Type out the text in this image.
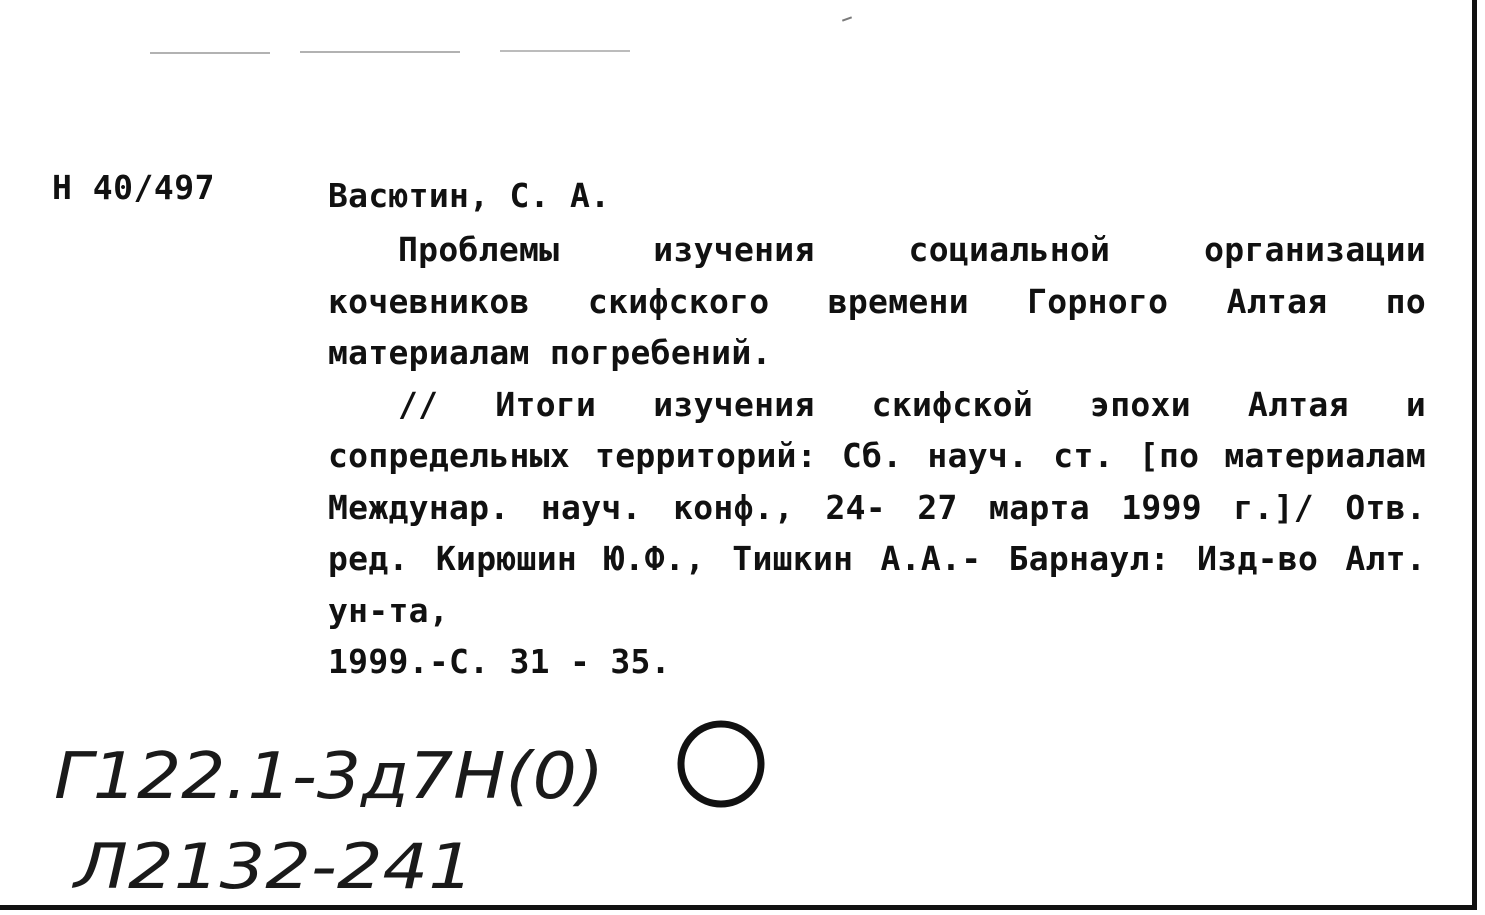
Н 40/497	Васютин, С. А.

Проблемы изучения социальной организации кочевников скифского времени Горного Алтая по материалам погребений.

// Итоги изучения скифской эпохи Алтая и сопредельных территорий: Сб. науч. ст. [по материалам Междунар. науч. конф., 24- 27 марта 1999 г.]/ Отв. ред. Кирюшин Ю.Ф., Тишкин А.А.- Барнаул: Изд-во Алт. ун-та,

1999.-С. 31 - 35.

Г122.1-3д7Н(0)
Л2132-241
